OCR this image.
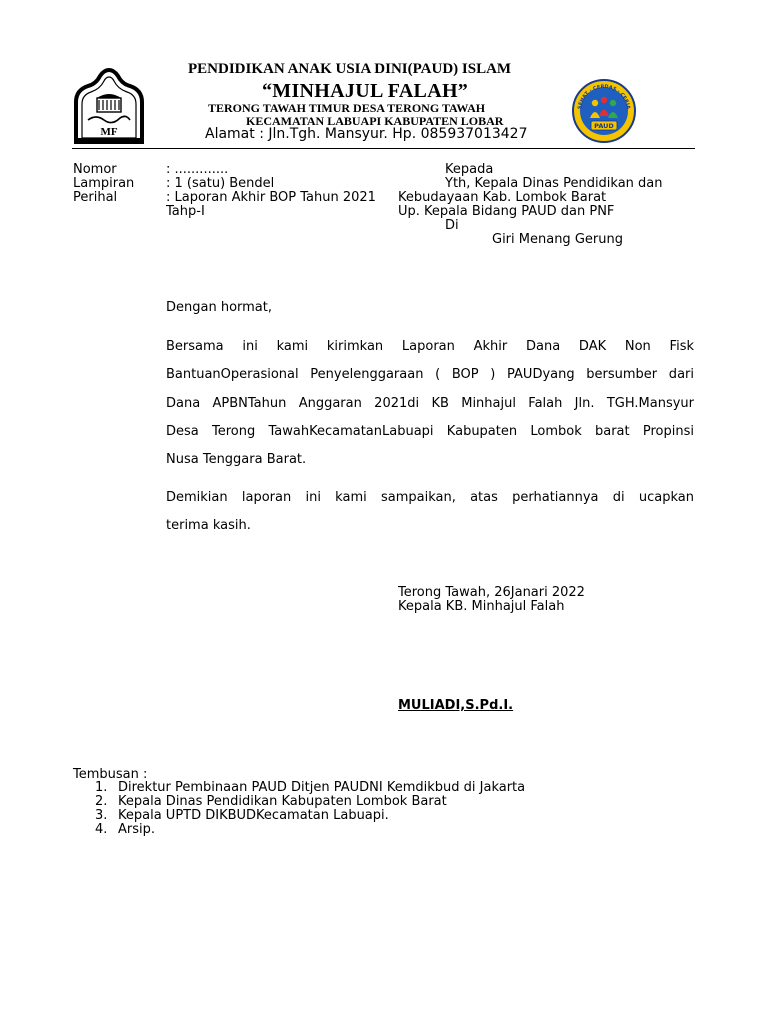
MF
PENDIDIKAN ANAK USIA DINI(PAUD) ISLAM
“MINHAJUL FALAH”
TERONG TAWAH TIMUR DESA TERONG TAWAH
KECAMATAN LABUAPI KABUPATEN LOBAR
Alamat : Jln.Tgh. Mansyur. Hp. 085937013427
SEHAT · CERDAS · CERIA
PAUD
Nomor	: .............
Lampiran : 1 (satu) Bendel
Perihal	: Laporan Akhir BOP Tahun 2021
Tahp-I
Kepada
Yth, Kepala Dinas Pendidikan dan
Kebudayaan Kab. Lombok Barat
Up. Kepala Bidang PAUD dan PNF
Di
Giri Menang Gerung
Dengan hormat,
Bersama ini kami kirimkan Laporan Akhir Dana DAK Non Fisk
BantuanOperasional Penyelenggaraan ( BOP ) PAUDyang bersumber dari
Dana APBNTahun Anggaran 2021di KB Minhajul Falah Jln. TGH.Mansyur
Desa Terong TawahKecamatanLabuapi Kabupaten Lombok barat Propinsi
Nusa Tenggara Barat.
Demikian laporan ini kami sampaikan, atas perhatiannya di ucapkan
terima kasih.
Terong Tawah, 26Janari 2022
Kepala KB. Minhajul Falah
MULIADI,S.Pd.I.
Tembusan :
1. Direktur Pembinaan PAUD Ditjen PAUDNI Kemdikbud di Jakarta
2. Kepala Dinas Pendidikan Kabupaten Lombok Barat
3. Kepala UPTD DIKBUDKecamatan Labuapi.
4. Arsip.
